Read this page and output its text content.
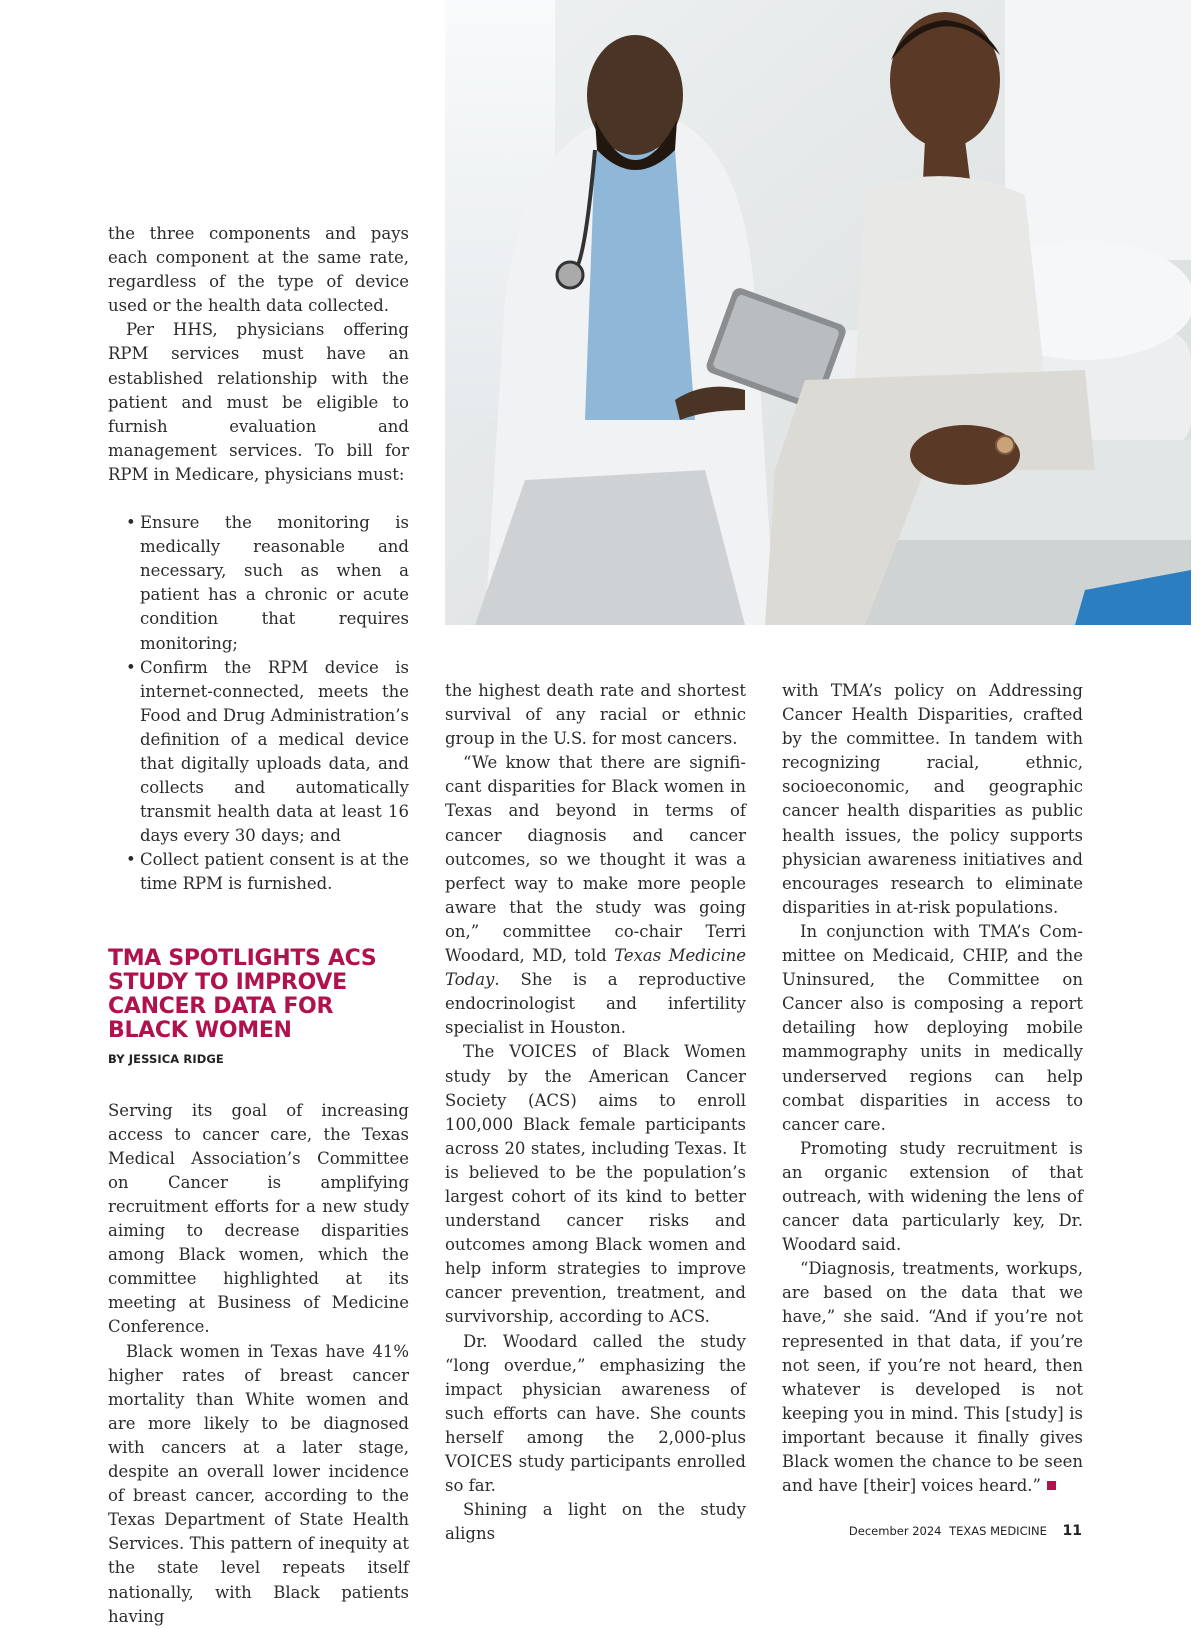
the three components and pays each component at the same rate, regardless of the type of device used or the health data collected.

Per HHS, physicians offering RPM services must have an established relationship with the patient and must be eligible to furnish evaluation and management services. To bill for RPM in Medicare, physicians must:

• Ensure the monitoring is medically reasonable and necessary, such as when a patient has a chronic or acute condition that requires monitoring;
• Confirm the RPM device is internet-connected, meets the Food and Drug Administration’s definition of a medical device that digitally uploads data, and collects and automatically transmit health data at least 16 days every 30 days; and
• Collect patient consent is at the time RPM is furnished.
TMA SPOTLIGHTS ACS STUDY TO IMPROVE CANCER DATA FOR BLACK WOMEN
BY JESSICA RIDGE

Serving its goal of increasing access to cancer care, the Texas Medical Association’s Committee on Cancer is amplifying recruitment efforts for a new study aiming to decrease disparities among Black women, which the committee highlighted at its meeting at Business of Medicine Conference.

Black women in Texas have 41% higher rates of breast cancer mortality than White women and are more likely to be diagnosed with cancers at a later stage, despite an overall lower incidence of breast cancer, according to the Texas Department of State Health Services. This pattern of inequity at the state level repeats itself nationally, with Black patients having

the highest death rate and shortest survival of any racial or ethnic group in the U.S. for most cancers.

“We know that there are significant disparities for Black women in Texas and beyond in terms of cancer diagnosis and cancer outcomes, so we thought it was a perfect way to make more people aware that the study was going on,” committee co-chair Terri Woodard, MD, told Texas Medicine Today. She is a reproductive endocrinologist and infertility specialist in Houston.

The VOICES of Black Women study by the American Cancer Society (ACS) aims to enroll 100,000 Black female participants across 20 states, including Texas. It is believed to be the population’s largest cohort of its kind to better understand cancer risks and outcomes among Black women and help inform strategies to improve cancer prevention, treatment, and survivorship, according to ACS.

Dr. Woodard called the study “long overdue,” emphasizing the impact physician awareness of such efforts can have. She counts herself among the 2,000-plus VOICES study participants enrolled so far.

Shining a light on the study aligns

with TMA’s policy on Addressing Cancer Health Disparities, crafted by the committee. In tandem with recognizing racial, ethnic, socioeconomic, and geographic cancer health disparities as public health issues, the policy supports physician awareness initiatives and encourages research to eliminate disparities in at-risk populations.

In conjunction with TMA’s Committee on Medicaid, CHIP, and the Uninsured, the Committee on Cancer also is composing a report detailing how deploying mobile mammography units in medically underserved regions can help combat disparities in access to cancer care.

Promoting study recruitment is an organic extension of that outreach, with widening the lens of cancer data particularly key, Dr. Woodard said.

“Diagnosis, treatments, workups, are based on the data that we have,” she said. “And if you’re not represented in that data, if you’re not seen, if you’re not heard, then whatever is developed is not keeping you in mind. This [study] is important because it finally gives Black women the chance to be seen and have [their] voices heard.”

December 2024 TEXAS MEDICINE 11
